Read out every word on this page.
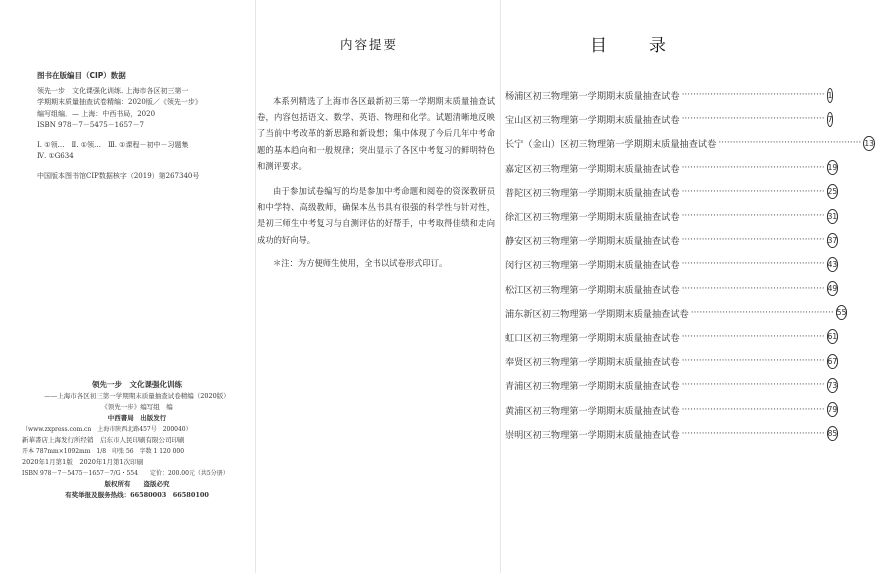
图书在版编目（CIP）数据

领先一步　文化课强化训练. 上海市各区初三第一

学期期末质量抽查试卷精编：2020版／《领先一步》

编写组编．— 上海：中西书局，2020

ISBN 978－7－5475－1657－7

Ⅰ. ①领…　Ⅱ. ①领…　Ⅲ. ①课程－初中－习题集

Ⅳ. ①G634

中国版本图书馆CIP数据核字（2019）第267340号

领先一步　文化课强化训练

——上海市各区初三第一学期期末质量抽查试卷精编（2020版）

《领先一步》编写组　编

中西書局　出版发行

（www.zxpress.com.cn　上海市陕西北路457号　200040）

新華書店上海发行所经销　启东市人民印刷有限公司印刷

开本 787mm×1092mm　1/8　印张 56　字数 1 120 000

2020年1月第1版　2020年1月第1次印刷

ISBN 978－7－5475－1657－7/G・554　　定价：200.00元（共5分册）

版权所有　　盗版必究

有奖举报及服务热线：66580003　66580100

内容提要

本系列精选了上海市各区最新初三第一学期期末质量抽查试卷，内容包括语文、数学、英语、物理和化学。试题清晰地反映了当前中考改革的新思路和新设想；集中体现了今后几年中考命题的基本趋向和一般规律；突出显示了各区中考复习的鲜明特色和测评要求。

由于参加试卷编写的均是参加中考命题和阅卷的资深教研员和中学特、高级教师，确保本丛书具有很强的科学性与针对性，是初三师生中考复习与自测评估的好帮手，中考取得佳绩和走向成功的好向导。

＊注：为方便师生使用，全书以试卷形式印订。

目 录
杨浦区初三物理第一学期期末质量抽查试卷 ·················································· 1
宝山区初三物理第一学期期末质量抽查试卷 ·················································· 7
长宁（金山）区初三物理第一学期期末质量抽查试卷 ·················································· 13
嘉定区初三物理第一学期期末质量抽查试卷 ·················································· 19
普陀区初三物理第一学期期末质量抽查试卷 ·················································· 25
徐汇区初三物理第一学期期末质量抽查试卷 ·················································· 31
静安区初三物理第一学期期末质量抽查试卷 ·················································· 37
闵行区初三物理第一学期期末质量抽查试卷 ·················································· 43
松江区初三物理第一学期期末质量抽查试卷 ·················································· 49
浦东新区初三物理第一学期期末质量抽查试卷 ·················································· 55
虹口区初三物理第一学期期末质量抽查试卷 ·················································· 61
奉贤区初三物理第一学期期末质量抽查试卷 ·················································· 67
青浦区初三物理第一学期期末质量抽查试卷 ·················································· 73
黄浦区初三物理第一学期期末质量抽查试卷 ·················································· 79
崇明区初三物理第一学期期末质量抽查试卷 ·················································· 85
